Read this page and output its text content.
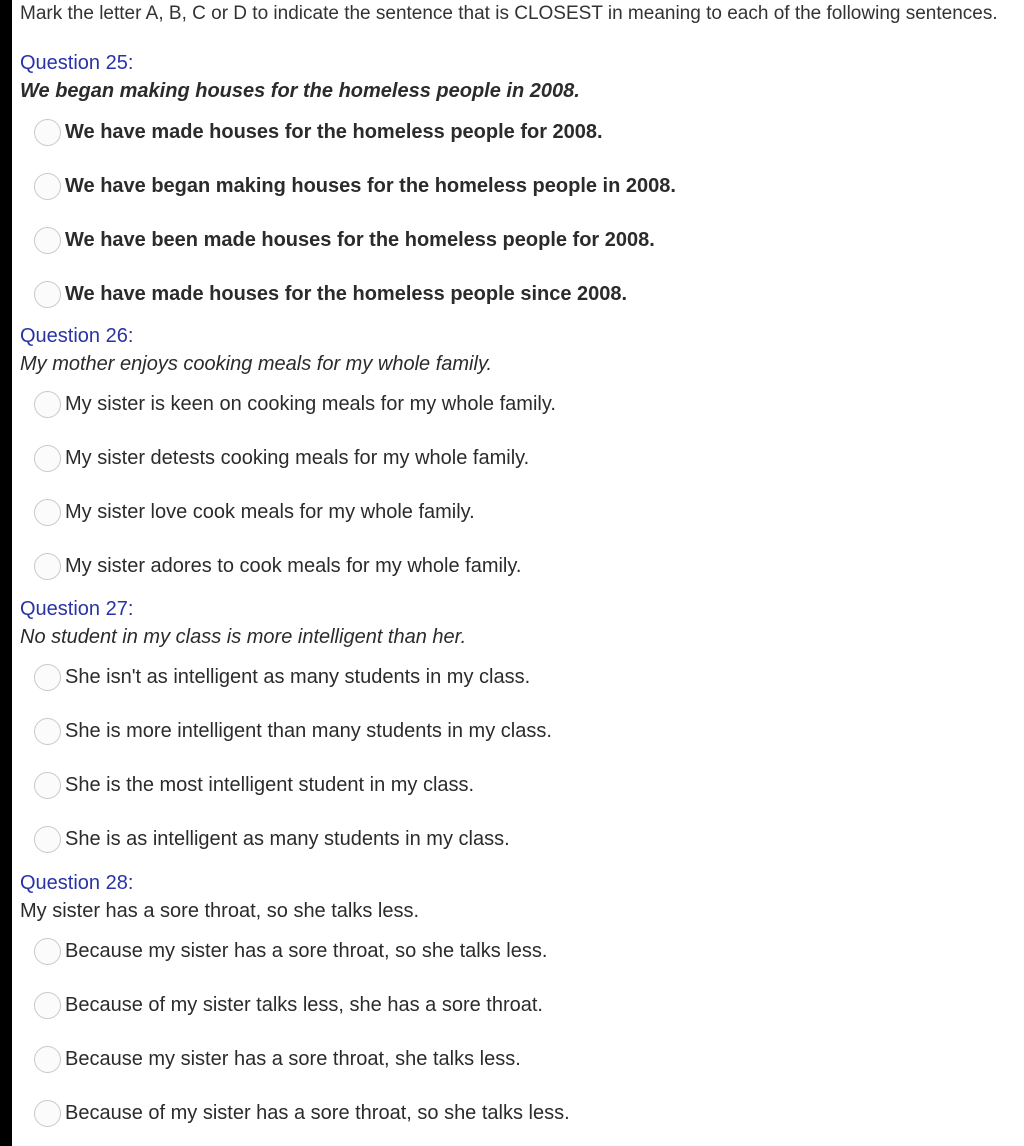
Mark the letter A, B, C or D to indicate the sentence that is CLOSEST in meaning to each of the following sentences.
Question 25:
We began making houses for the homeless people in 2008.
We have made houses for the homeless people for 2008.
We have began making houses for the homeless people in 2008.
We have been made houses for the homeless people for 2008.
We have made houses for the homeless people since 2008.
Question 26:
My mother enjoys cooking meals for my whole family.
My sister is keen on cooking meals for my whole family.
My sister detests cooking meals for my whole family.
My sister love cook meals for my whole family.
My sister adores to cook meals for my whole family.
Question 27:
No student in my class is more intelligent than her.
She isn't as intelligent as many students in my class.
She is more intelligent than many students in my class.
She is the most intelligent student in my class.
She is as intelligent as many students in my class.
Question 28:
My sister has a sore throat, so she talks less.
Because my sister has a sore throat, so she talks less.
Because of my sister talks less, she has a sore throat.
Because my sister has a sore throat, she talks less.
Because of my sister has a sore throat, so she talks less.
